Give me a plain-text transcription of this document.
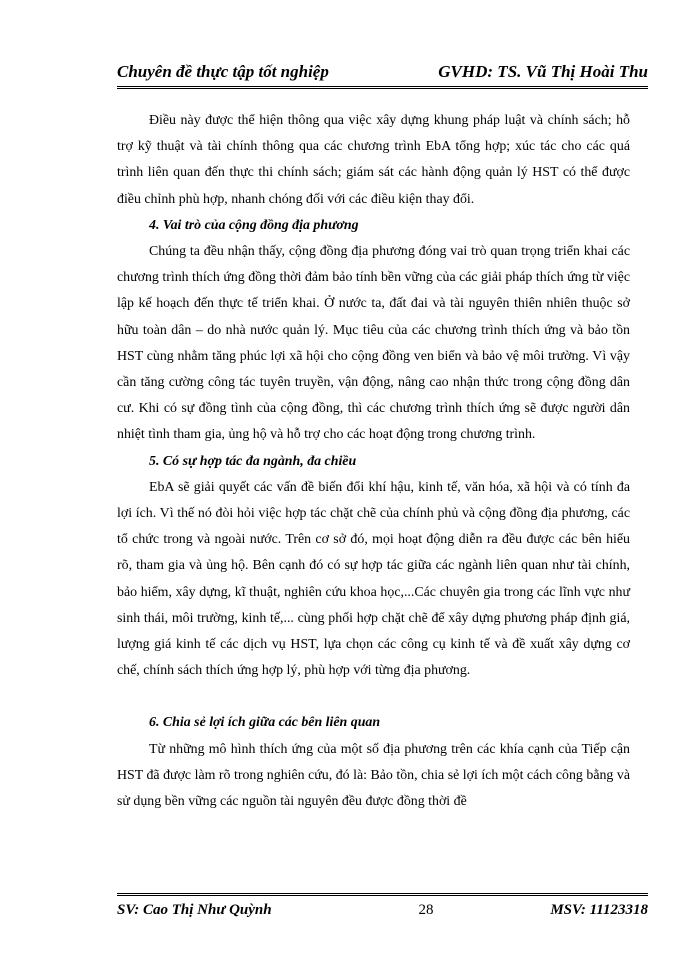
Chuyên đề thực tập tốt nghiệp	GVHD: TS. Vũ Thị Hoài Thu

Điều này được thể hiện thông qua việc xây dựng khung pháp luật và chính sách; hỗ trợ kỹ thuật và tài chính thông qua các chương trình EbA tổng hợp; xúc tác cho các quá trình liên quan đến thực thi chính sách; giám sát các hành động quản lý HST có thể được điều chỉnh phù hợp, nhanh chóng đối với các điều kiện thay đổi.

4. Vai trò của cộng đồng địa phương

Chúng ta đều nhận thấy, cộng đồng địa phương đóng vai trò quan trọng triển khai các chương trình thích ứng đồng thời đảm bảo tính bền vững của các giải pháp thích ứng từ việc lập kế hoạch đến thực tế triển khai. Ở nước ta, đất đai và tài nguyên thiên nhiên thuộc sở hữu toàn dân – do nhà nước quản lý. Mục tiêu của các chương trình thích ứng và bảo tồn HST cùng nhằm tăng phúc lợi xã hội cho cộng đồng ven biển và bảo vệ môi trường. Vì vậy cần tăng cường công tác tuyên truyền, vận động, nâng cao nhận thức trong cộng đồng dân cư. Khi có sự đồng tình của cộng đồng, thì các chương trình thích ứng sẽ được người dân nhiệt tình tham gia, ủng hộ và hỗ trợ cho các hoạt động trong chương trình.

5. Có sự hợp tác đa ngành, đa chiều

EbA sẽ giải quyết các vấn đề biến đổi khí hậu, kinh tế, văn hóa, xã hội và có tính đa lợi ích. Vì thế nó đòi hỏi việc hợp tác chặt chẽ của chính phủ và cộng đồng địa phương, các tổ chức trong và ngoài nước. Trên cơ sở đó, mọi hoạt động diễn ra đều được các bên hiểu rõ, tham gia và ủng hộ. Bên cạnh đó có sự hợp tác giữa các ngành liên quan như tài chính, bảo hiểm, xây dựng, kĩ thuật, nghiên cứu khoa học,...Các chuyên gia trong các lĩnh vực như sinh thái, môi trường, kinh tế,... cùng phối hợp chặt chẽ để xây dựng phương pháp định giá, lượng giá kinh tế các dịch vụ HST, lựa chọn các công cụ kinh tế và đề xuất xây dựng cơ chế, chính sách thích ứng hợp lý, phù hợp với từng địa phương.

6. Chia sẻ lợi ích giữa các bên liên quan

Từ những mô hình thích ứng của một số địa phương trên các khía cạnh của Tiếp cận HST đã được làm rõ trong nghiên cứu, đó là: Bảo tồn, chia sẻ lợi ích một cách công bằng và sử dụng bền vững các nguồn tài nguyên đều được đồng thời đề

SV: Cao Thị Như Quỳnh	28	MSV: 11123318
